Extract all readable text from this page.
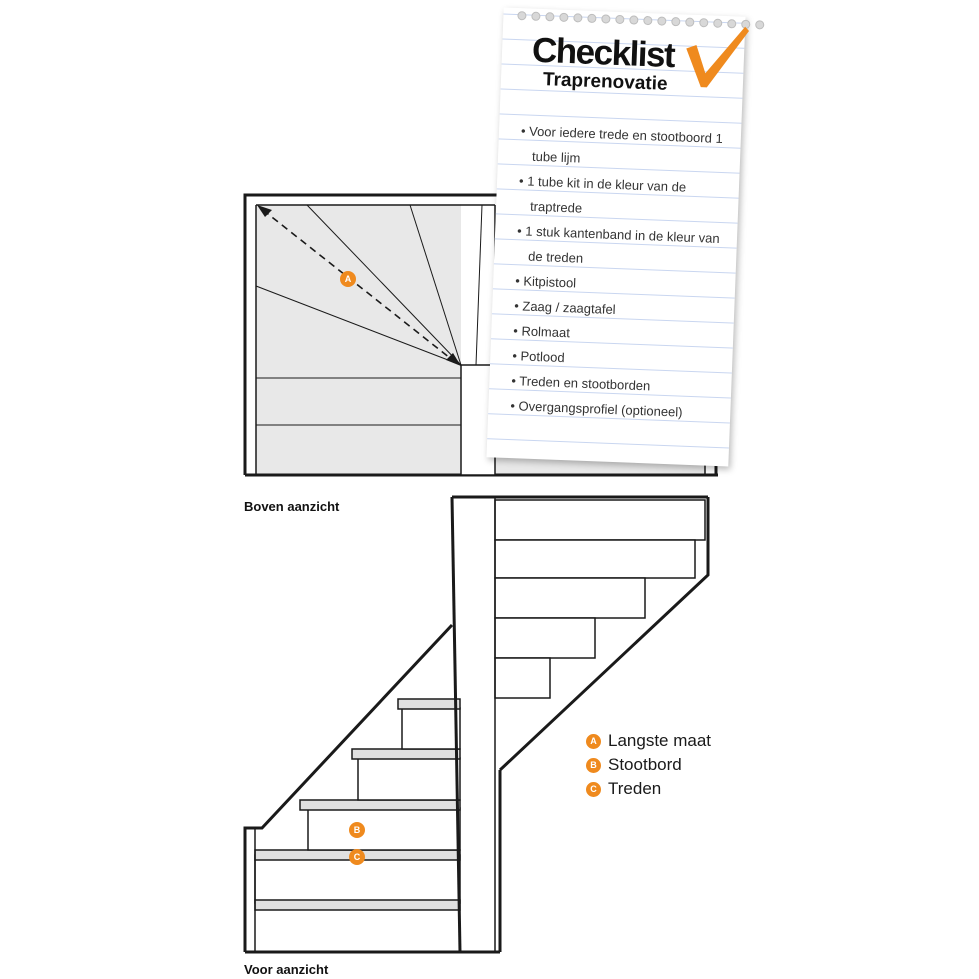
Boven aanzicht
Voor aanzicht
A
B
C
A Langste maat
B Stootbord
C Treden
Checklist
Traprenovatie
• Voor iedere trede en stootboord 1 tube lijm
• 1 tube kit in de kleur van de traptrede
• 1 stuk kantenband in de kleur van de treden
• Kitpistool
• Zaag / zaagtafel
• Rolmaat
• Potlood
• Treden en stootborden
• Overgangsprofiel (optioneel)
